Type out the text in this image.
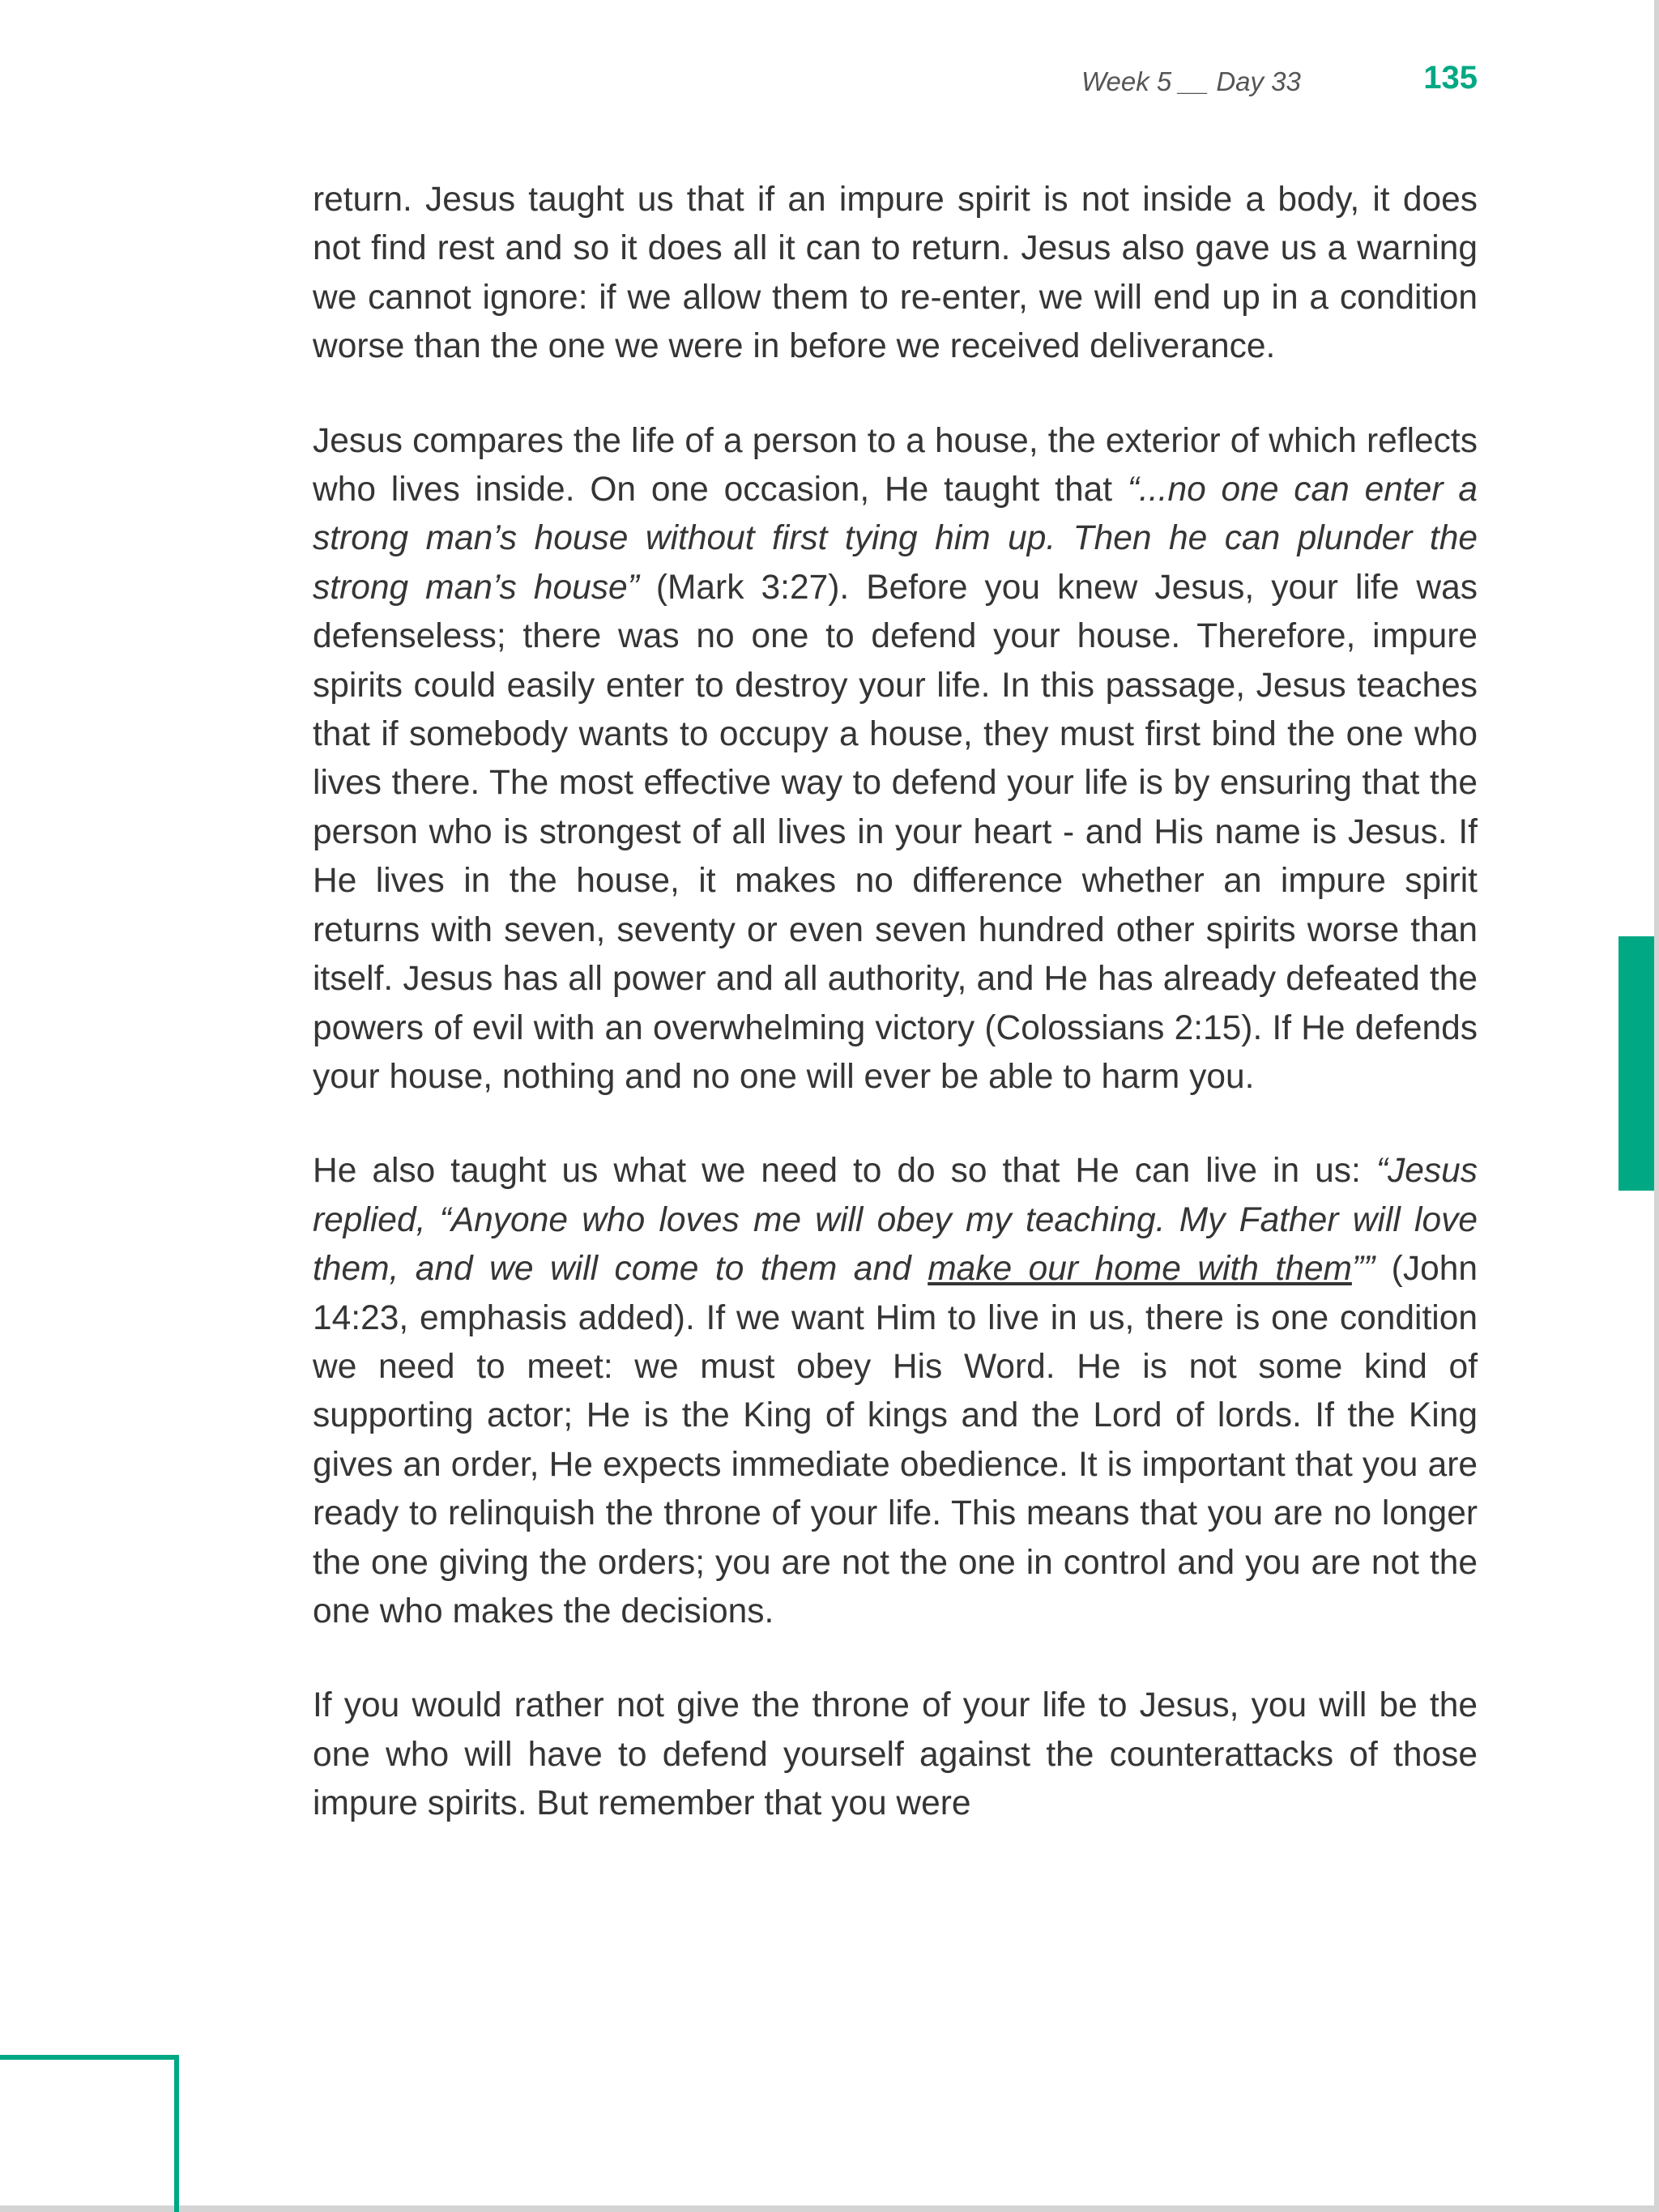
Week 5 __ Day 33	135

return. Jesus taught us that if an impure spirit is not inside a body, it does not find rest and so it does all it can to return. Jesus also gave us a warning we cannot ignore: if we allow them to re-enter, we will end up in a condition worse than the one we were in before we received deliverance.

Jesus compares the life of a person to a house, the exterior of which reflects who lives inside. On one occasion, He taught that “...no one can enter a strong man’s house without first tying him up. Then he can plunder the strong man’s house” (Mark 3:27). Before you knew Jesus, your life was defenseless; there was no one to defend your house. Therefore, impure spirits could easily enter to destroy your life. In this passage, Jesus teaches that if somebody wants to occupy a house, they must first bind the one who lives there. The most effective way to defend your life is by ensuring that the person who is strongest of all lives in your heart - and His name is Jesus. If He lives in the house, it makes no difference whether an impure spirit returns with seven, seventy or even seven hundred other spirits worse than itself. Jesus has all power and all authority, and He has already defeated the powers of evil with an overwhelming victory (Colossians 2:15). If He defends your house, nothing and no one will ever be able to harm you.

He also taught us what we need to do so that He can live in us: “Jesus replied, “Anyone who loves me will obey my teaching. My Father will love them, and we will come to them and make our home with them”” (John 14:23, emphasis added). If we want Him to live in us, there is one condition we need to meet: we must obey His Word. He is not some kind of supporting actor; He is the King of kings and the Lord of lords. If the King gives an order, He expects immediate obedience. It is important that you are ready to relinquish the throne of your life. This means that you are no longer the one giving the orders; you are not the one in control and you are not the one who makes the decisions.

If you would rather not give the throne of your life to Jesus, you will be the one who will have to defend yourself against the counterattacks of those impure spirits. But remember that you were
